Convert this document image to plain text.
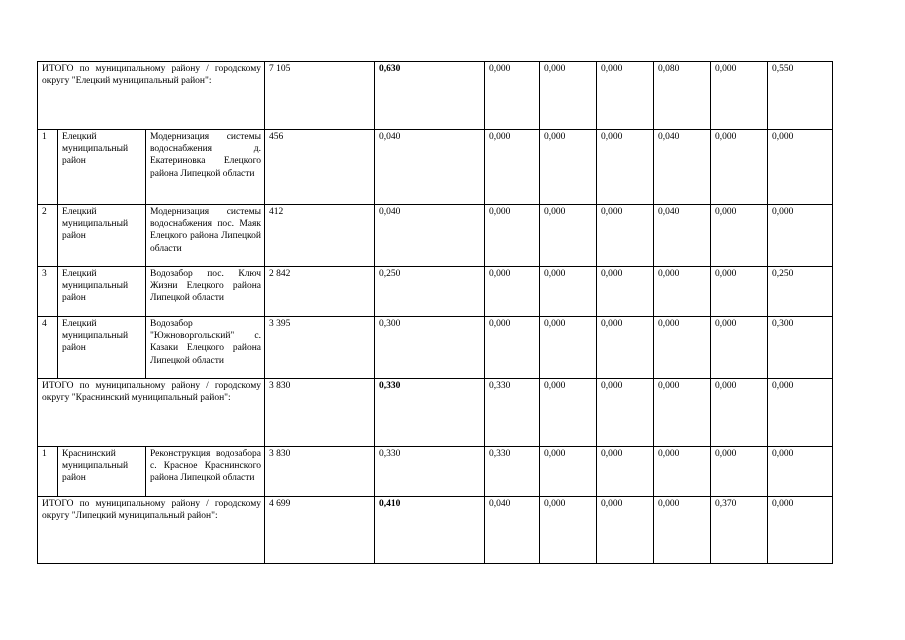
ИТОГО по муниципальному району / городскому округу "Елецкий муниципальный район":			7 105	0,630	0,000	0,000	0,000	0,080	0,000	0,550
1	Елецкий муниципальный район	Модернизация системы водоснабжения д. Екатериновка Елецкого района Липецкой области	456	0,040	0,000	0,000	0,000	0,040	0,000	0,000
2	Елецкий муниципальный район	Модернизация системы водоснабжения пос. Маяк Елецкого района Липецкой области	412	0,040	0,000	0,000	0,000	0,040	0,000	0,000
3	Елецкий муниципальный район	Водозабор пос. Ключ Жизни Елецкого района Липецкой области	2 842	0,250	0,000	0,000	0,000	0,000	0,000	0,250
4	Елецкий муниципальный район	Водозабор "Южноворгольский" с. Казаки Елецкого района Липецкой области	3 395	0,300	0,000	0,000	0,000	0,000	0,000	0,300
ИТОГО по муниципальному району / городскому округу "Краснинский муниципальный район":			3 830	0,330	0,330	0,000	0,000	0,000	0,000	0,000
1	Краснинский муниципальный район	Реконструкция водозабора с. Красное Краснинского района Липецкой области	3 830	0,330	0,330	0,000	0,000	0,000	0,000	0,000
ИТОГО по муниципальному району / городскому округу "Липецкий муниципальный район":			4 699	0,410	0,040	0,000	0,000	0,000	0,370	0,000
